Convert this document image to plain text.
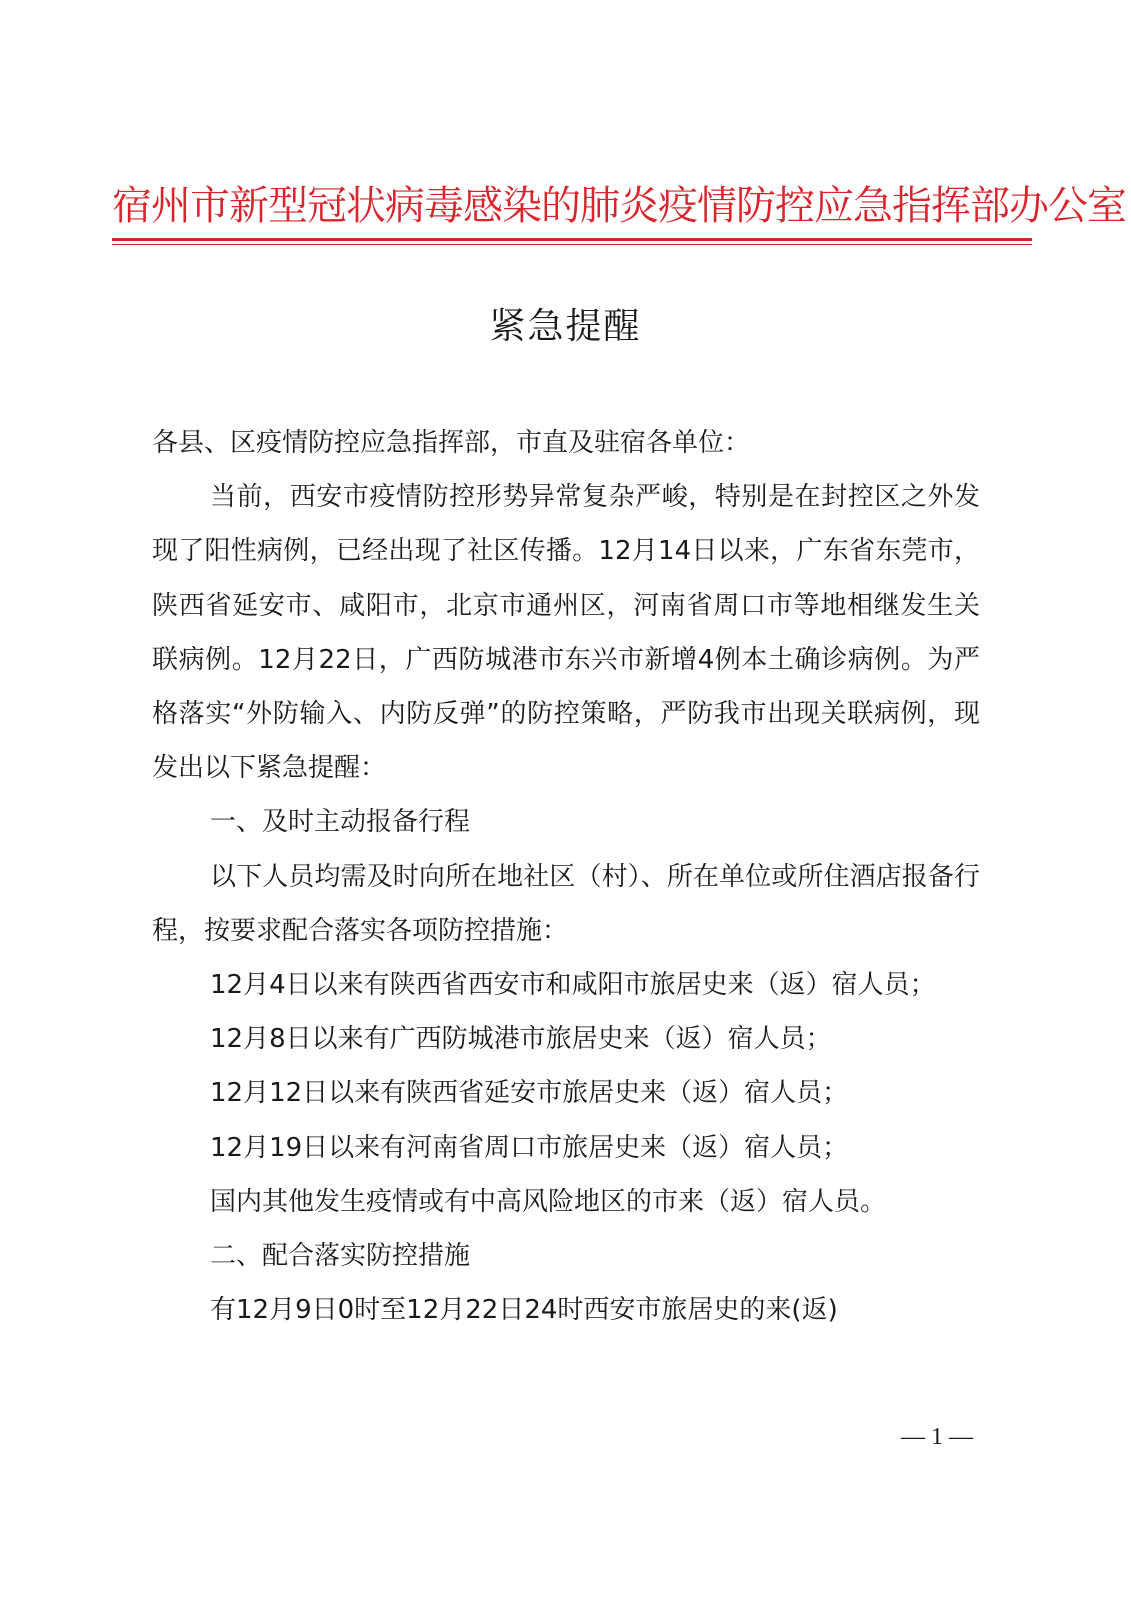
宿州市新型冠状病毒感染的肺炎疫情防控应急指挥部办公室
紧急提醒

各县、区疫情防控应急指挥部，市直及驻宿各单位：

当前，西安市疫情防控形势异常复杂严峻，特别是在封控区之外发现了阳性病例，已经出现了社区传播。12月14日以来，广东省东莞市，陕西省延安市、咸阳市，北京市通州区，河南省周口市等地相继发生关联病例。12月22日，广西防城港市东兴市新增4例本土确诊病例。为严格落实“外防输入、内防反弹”的防控策略，严防我市出现关联病例，现发出以下紧急提醒：

一、及时主动报备行程

以下人员均需及时向所在地社区（村）、所在单位或所住酒店报备行程，按要求配合落实各项防控措施：

12月4日以来有陕西省西安市和咸阳市旅居史来（返）宿人员；

12月8日以来有广西防城港市旅居史来（返）宿人员；

12月12日以来有陕西省延安市旅居史来（返）宿人员；

12月19日以来有河南省周口市旅居史来（返）宿人员；

国内其他发生疫情或有中高风险地区的市来（返）宿人员。

二、配合落实防控措施

有12月9日0时至12月22日24时西安市旅居史的来(返)

— 1 —
